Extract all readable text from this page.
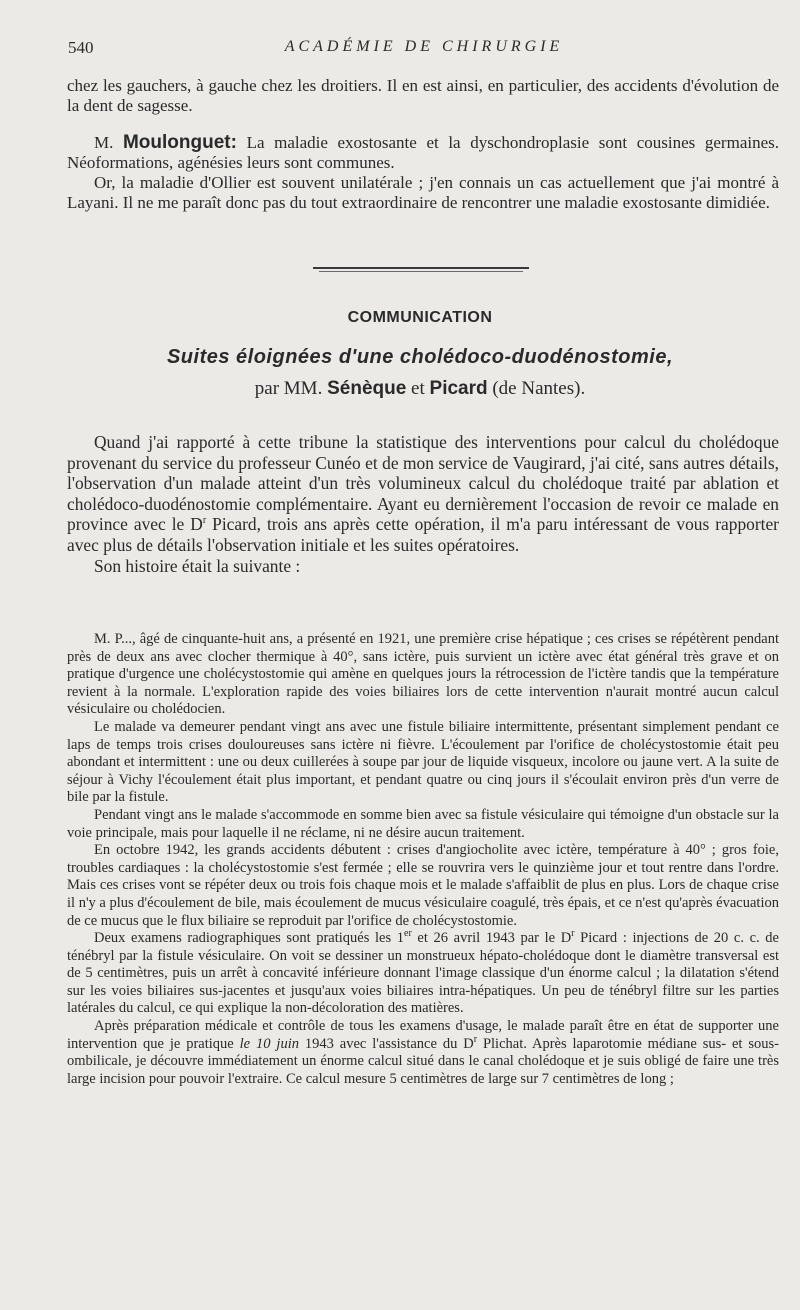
540	ACADÉMIE DE CHIRURGIE

chez les gauchers, à gauche chez les droitiers. Il en est ainsi, en particulier, des accidents d'évolution de la dent de sagesse.

M. Moulonguet: La maladie exostosante et la dyschondroplasie sont cousines germaines. Néoformations, agénésies leurs sont communes.

Or, la maladie d'Ollier est souvent unilatérale ; j'en connais un cas actuellement que j'ai montré à Layani. Il ne me paraît donc pas du tout extraordinaire de rencontrer une maladie exostosante dimidiée.

COMMUNICATION
Suites éloignées d'une cholédoco-duodénostomie,
par MM. Sénèque et Picard (de Nantes).

Quand j'ai rapporté à cette tribune la statistique des interventions pour calcul du cholédoque provenant du service du professeur Cunéo et de mon service de Vaugirard, j'ai cité, sans autres détails, l'observation d'un malade atteint d'un très volumineux calcul du cholédoque traité par ablation et cholédoco-duodénostomie complémentaire. Ayant eu dernièrement l'occasion de revoir ce malade en province avec le $D^r$ Picard, trois ans après cette opération, il m'a paru intéressant de vous rapporter avec plus de détails l'observation initiale et les suites opératoires.

Son histoire était la suivante :

M. P..., âgé de cinquante-huit ans, a présenté en 1921, une première crise hépatique ; ces crises se répétèrent pendant près de deux ans avec clocher thermique à 40°, sans ictère, puis survient un ictère avec état général très grave et on pratique d'urgence une cholécystostomie qui amène en quelques jours la rétrocession de l'ictère tandis que la température revient à la normale. L'exploration rapide des voies biliaires lors de cette intervention n'aurait montré aucun calcul vésiculaire ou cholédocien.

Le malade va demeurer pendant vingt ans avec une fistule biliaire intermittente, présentant simplement pendant ce laps de temps trois crises douloureuses sans ictère ni fièvre. L'écoulement par l'orifice de cholécystostomie était peu abondant et intermittent : une ou deux cuillerées à soupe par jour de liquide visqueux, incolore ou jaune vert. A la suite de séjour à Vichy l'écoulement était plus important, et pendant quatre ou cinq jours il s'écoulait environ près d'un verre de bile par la fistule.

Pendant vingt ans le malade s'accommode en somme bien avec sa fistule vésiculaire qui témoigne d'un obstacle sur la voie principale, mais pour laquelle il ne réclame, ni ne désire aucun traitement.

En octobre 1942, les grands accidents débutent : crises d'angiocholite avec ictère, température à 40° ; gros foie, troubles cardiaques : la cholécystostomie s'est fermée ; elle se rouvrira vers le quinzième jour et tout rentre dans l'ordre. Mais ces crises vont se répéter deux ou trois fois chaque mois et le malade s'affaiblit de plus en plus. Lors de chaque crise il n'y a plus d'écoulement de bile, mais écoulement de mucus vésiculaire coagulé, très épais, et ce n'est qu'après évacuation de ce mucus que le flux biliaire se reproduit par l'orifice de cholécystostomie.

Deux examens radiographiques sont pratiqués les 1er et 26 avril 1943 par le $D^r$ Picard : injections de 20 c. c. de ténébryl par la fistule vésiculaire. On voit se dessiner un monstrueux hépato-cholédoque dont le diamètre transversal est de 5 centimètres, puis un arrêt à concavité inférieure donnant l'image classique d'un énorme calcul ; la dilatation s'étend sur les voies biliaires sus-jacentes et jusqu'aux voies biliaires intra-hépatiques. Un peu de ténébryl filtre sur les parties latérales du calcul, ce qui explique la non-décoloration des matières.

Après préparation médicale et contrôle de tous les examens d'usage, le malade paraît être en état de supporter une intervention que je pratique le 10 juin 1943 avec l'assistance du $D^r$ Plichat. Après laparotomie médiane sus- et sous-ombilicale, je découvre immédiatement un énorme calcul situé dans le canal cholédoque et je suis obligé de faire une très large incision pour pouvoir l'extraire. Ce calcul mesure 5 centimètres de large sur 7 centimètres de long ;
